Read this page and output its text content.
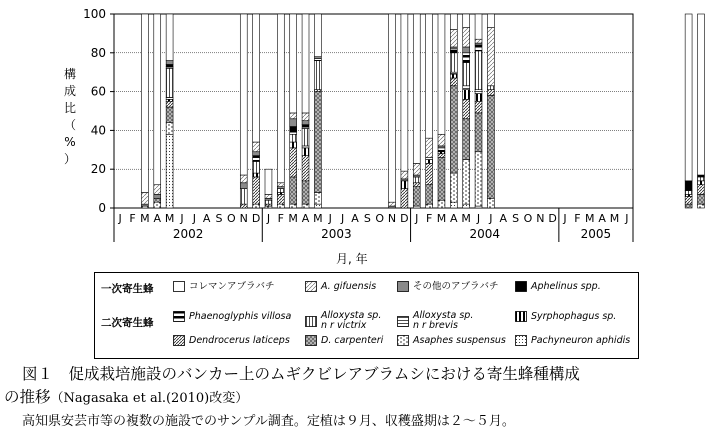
0
20
40
60
80
100
J F M A M J J A S O N D
2002
J F M A M J J A S O N D
2003
J F M A M J J A S O N D
2004
J F M A M J
2005
構
成
比
（
%
）
月, 年
一次寄生蜂
二次寄生蜂
コレマンアブラバチ	A. gifuensis	その他のアブラバチ	Aphelinus spp.
Phaenoglyphis villosa	Alloxysta sp.
n r victrix
Alloxysta sp.
n r brevis
Syrphophagus sp.
Dendrocerus laticeps	D. carpenteri	Asaphes suspensus	Pachyneuron aphidis
図１　促成栽培施設のバンカー上のムギクビレアブラムシにおける寄生蜂種構成
の推移（Nagasaka et al.(2010)改変）
高知県安芸市等の複数の施設でのサンプル調査。定植は９月、収穫盛期は２～５月。
